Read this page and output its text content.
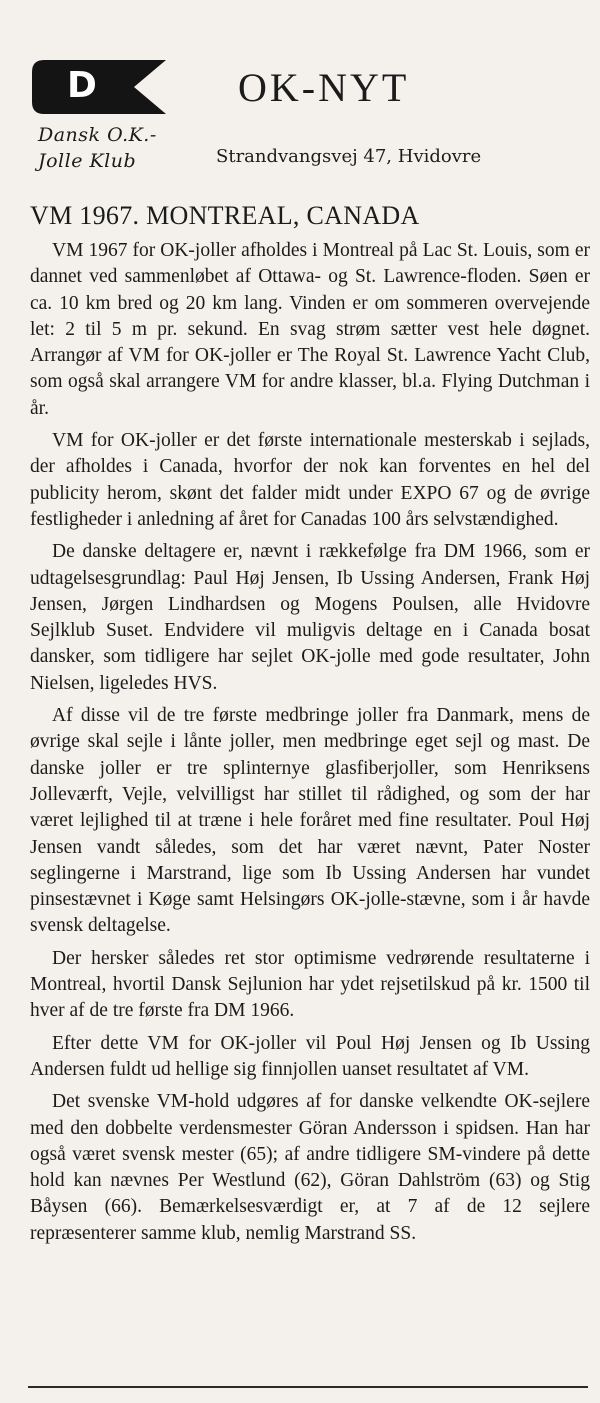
D
Dansk O.K.-
Jolle Klub
OK-NYT
Strandvangsvej 47, Hvidovre
VM 1967. MONTREAL, CANADA

VM 1967 for OK-joller afholdes i Montreal på Lac St. Louis, som er dannet ved sammenløbet af Ottawa- og St. Lawrence-floden. Søen er ca. 10 km bred og 20 km lang. Vinden er om sommeren overvejende let: 2 til 5 m pr. sekund. En svag strøm sætter vest hele døgnet. Arrangør af VM for OK-joller er The Royal St. Lawrence Yacht Club, som også skal arrangere VM for andre klasser, bl.a. Flying Dutchman i år.

VM for OK-joller er det første internationale mesterskab i sejlads, der afholdes i Canada, hvorfor der nok kan forventes en hel del publicity herom, skønt det falder midt under EXPO 67 og de øvrige festligheder i anledning af året for Canadas 100 års selvstændighed.

De danske deltagere er, nævnt i rækkefølge fra DM 1966, som er udtagelsesgrundlag: Paul Høj Jensen, Ib Ussing Andersen, Frank Høj Jensen, Jørgen Lindhardsen og Mogens Poulsen, alle Hvidovre Sejlklub Suset. Endvidere vil muligvis deltage en i Canada bosat dansker, som tidligere har sejlet OK-jolle med gode resultater, John Nielsen, ligeledes HVS.

Af disse vil de tre første medbringe joller fra Danmark, mens de øvrige skal sejle i lånte joller, men medbringe eget sejl og mast. De danske joller er tre splinternye glasfiberjoller, som Henriksens Jolleværft, Vejle, velvilligst har stillet til rådighed, og som der har været lejlighed til at træne i hele foråret med fine resultater. Poul Høj Jensen vandt således, som det har været nævnt, Pater Noster seglingerne i Marstrand, lige som Ib Ussing Andersen har vundet pinsestævnet i Køge samt Helsingørs OK-jolle-stævne, som i år havde svensk deltagelse.

Der hersker således ret stor optimisme vedrørende resultaterne i Montreal, hvortil Dansk Sejlunion har ydet rejsetilskud på kr. 1500 til hver af de tre første fra DM 1966.

Efter dette VM for OK-joller vil Poul Høj Jensen og Ib Ussing Andersen fuldt ud hellige sig finnjollen uanset resultatet af VM.

Det svenske VM-hold udgøres af for danske velkendte OK-sejlere med den dobbelte verdensmester Göran Andersson i spidsen. Han har også været svensk mester (65); af andre tidligere SM-vindere på dette hold kan nævnes Per Westlund (62), Göran Dahlström (63) og Stig Båysen (66). Bemærkelsesværdigt er, at 7 af de 12 sejlere repræsenterer samme klub, nemlig Marstrand SS.
